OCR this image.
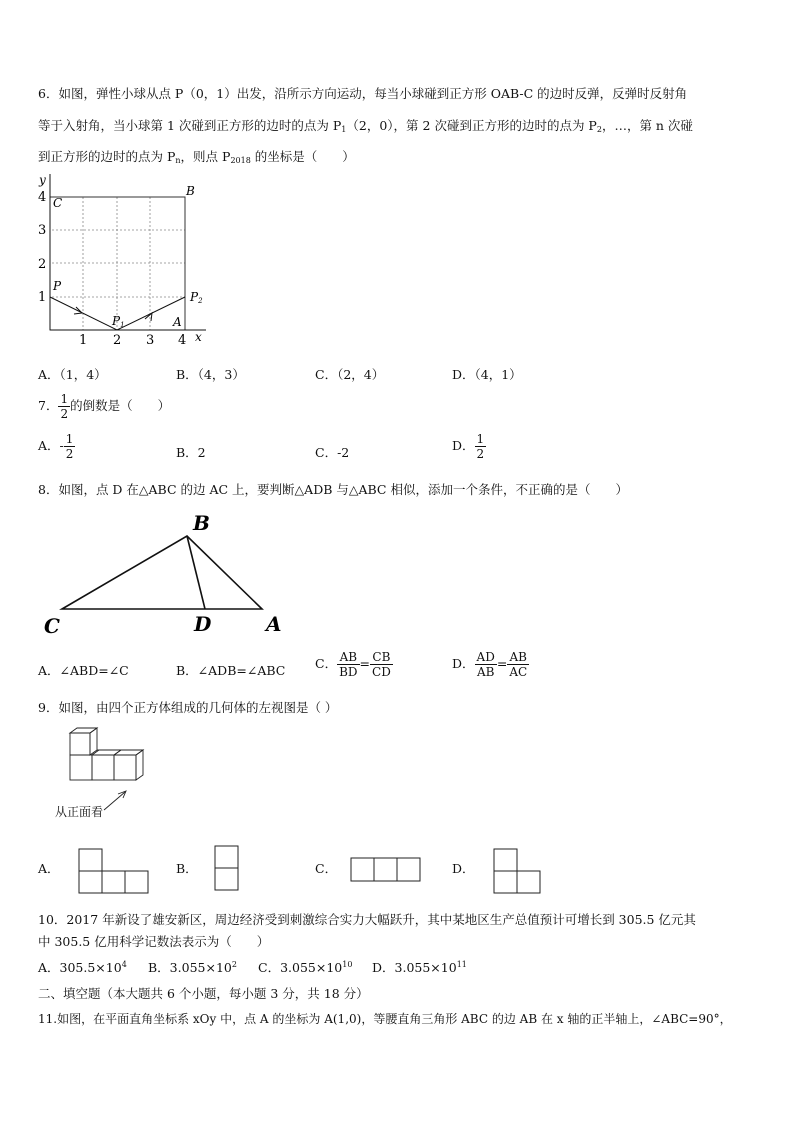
6．如图，弹性小球从点 P（0，1）出发，沿所示方向运动，每当小球碰到正方形 OAB-C 的边时反弹，反弹时反射角
等于入射角，当小球第 1 次碰到正方形的边时的点为 $P_1(2$，0），第 2 次碰到正方形的边时的点为 $P_2$，…，第 n 次碰
到正方形的边时的点为 $P_n$，则点 $P_{2018}$ 的坐标是（　　）
y
x
1
2
3
4
1 2 3 4
C
B
P
P1
P2
A
A．（1，4）	B．（4，3）	C．（2，4）	D．（4，1）
7． $\frac{1}{2}$ 的倒数是（　　）
A．- $\frac{1}{2}$	B．2	C．-2	D． $\frac{1}{2}$
8．如图，点 D 在△ABC 的边 AC 上，要判断△ADB 与△ABC 相似，添加一个条件，不正确的是（　　）
B
C	D	A
A．∠ABD=∠C	B．∠ADB=∠ABC C． $\frac{AB}{BD} = \frac{CB}{CD}$	D． $\frac{AD}{AB} = \frac{AB}{AC}$
9．如图，由四个正方体组成的几何体的左视图是（ ）
从正面看
A．	B．	C．	D．
10．2017 年新设了雄安新区，周边经济受到刺激综合实力大幅跃升，其中某地区生产总值预计可增长到 305.5 亿元其
中 305.5 亿用科学记数法表示为（　　）
A．$305.5\times 10^4$ B．$3.055\times 10^2$ C．$3.055\times 10^{10}$ D．$3.055\times 10^{11}$
二、填空题（本大题共 6 个小题，每小题 3 分，共 18 分）
11.如图，在平面直角坐标系 xOy 中，点 A 的坐标为 A(1,0)，等腰直角三角形 ABC 的边 AB 在 x 轴的正半轴上，∠ABC=90°，
